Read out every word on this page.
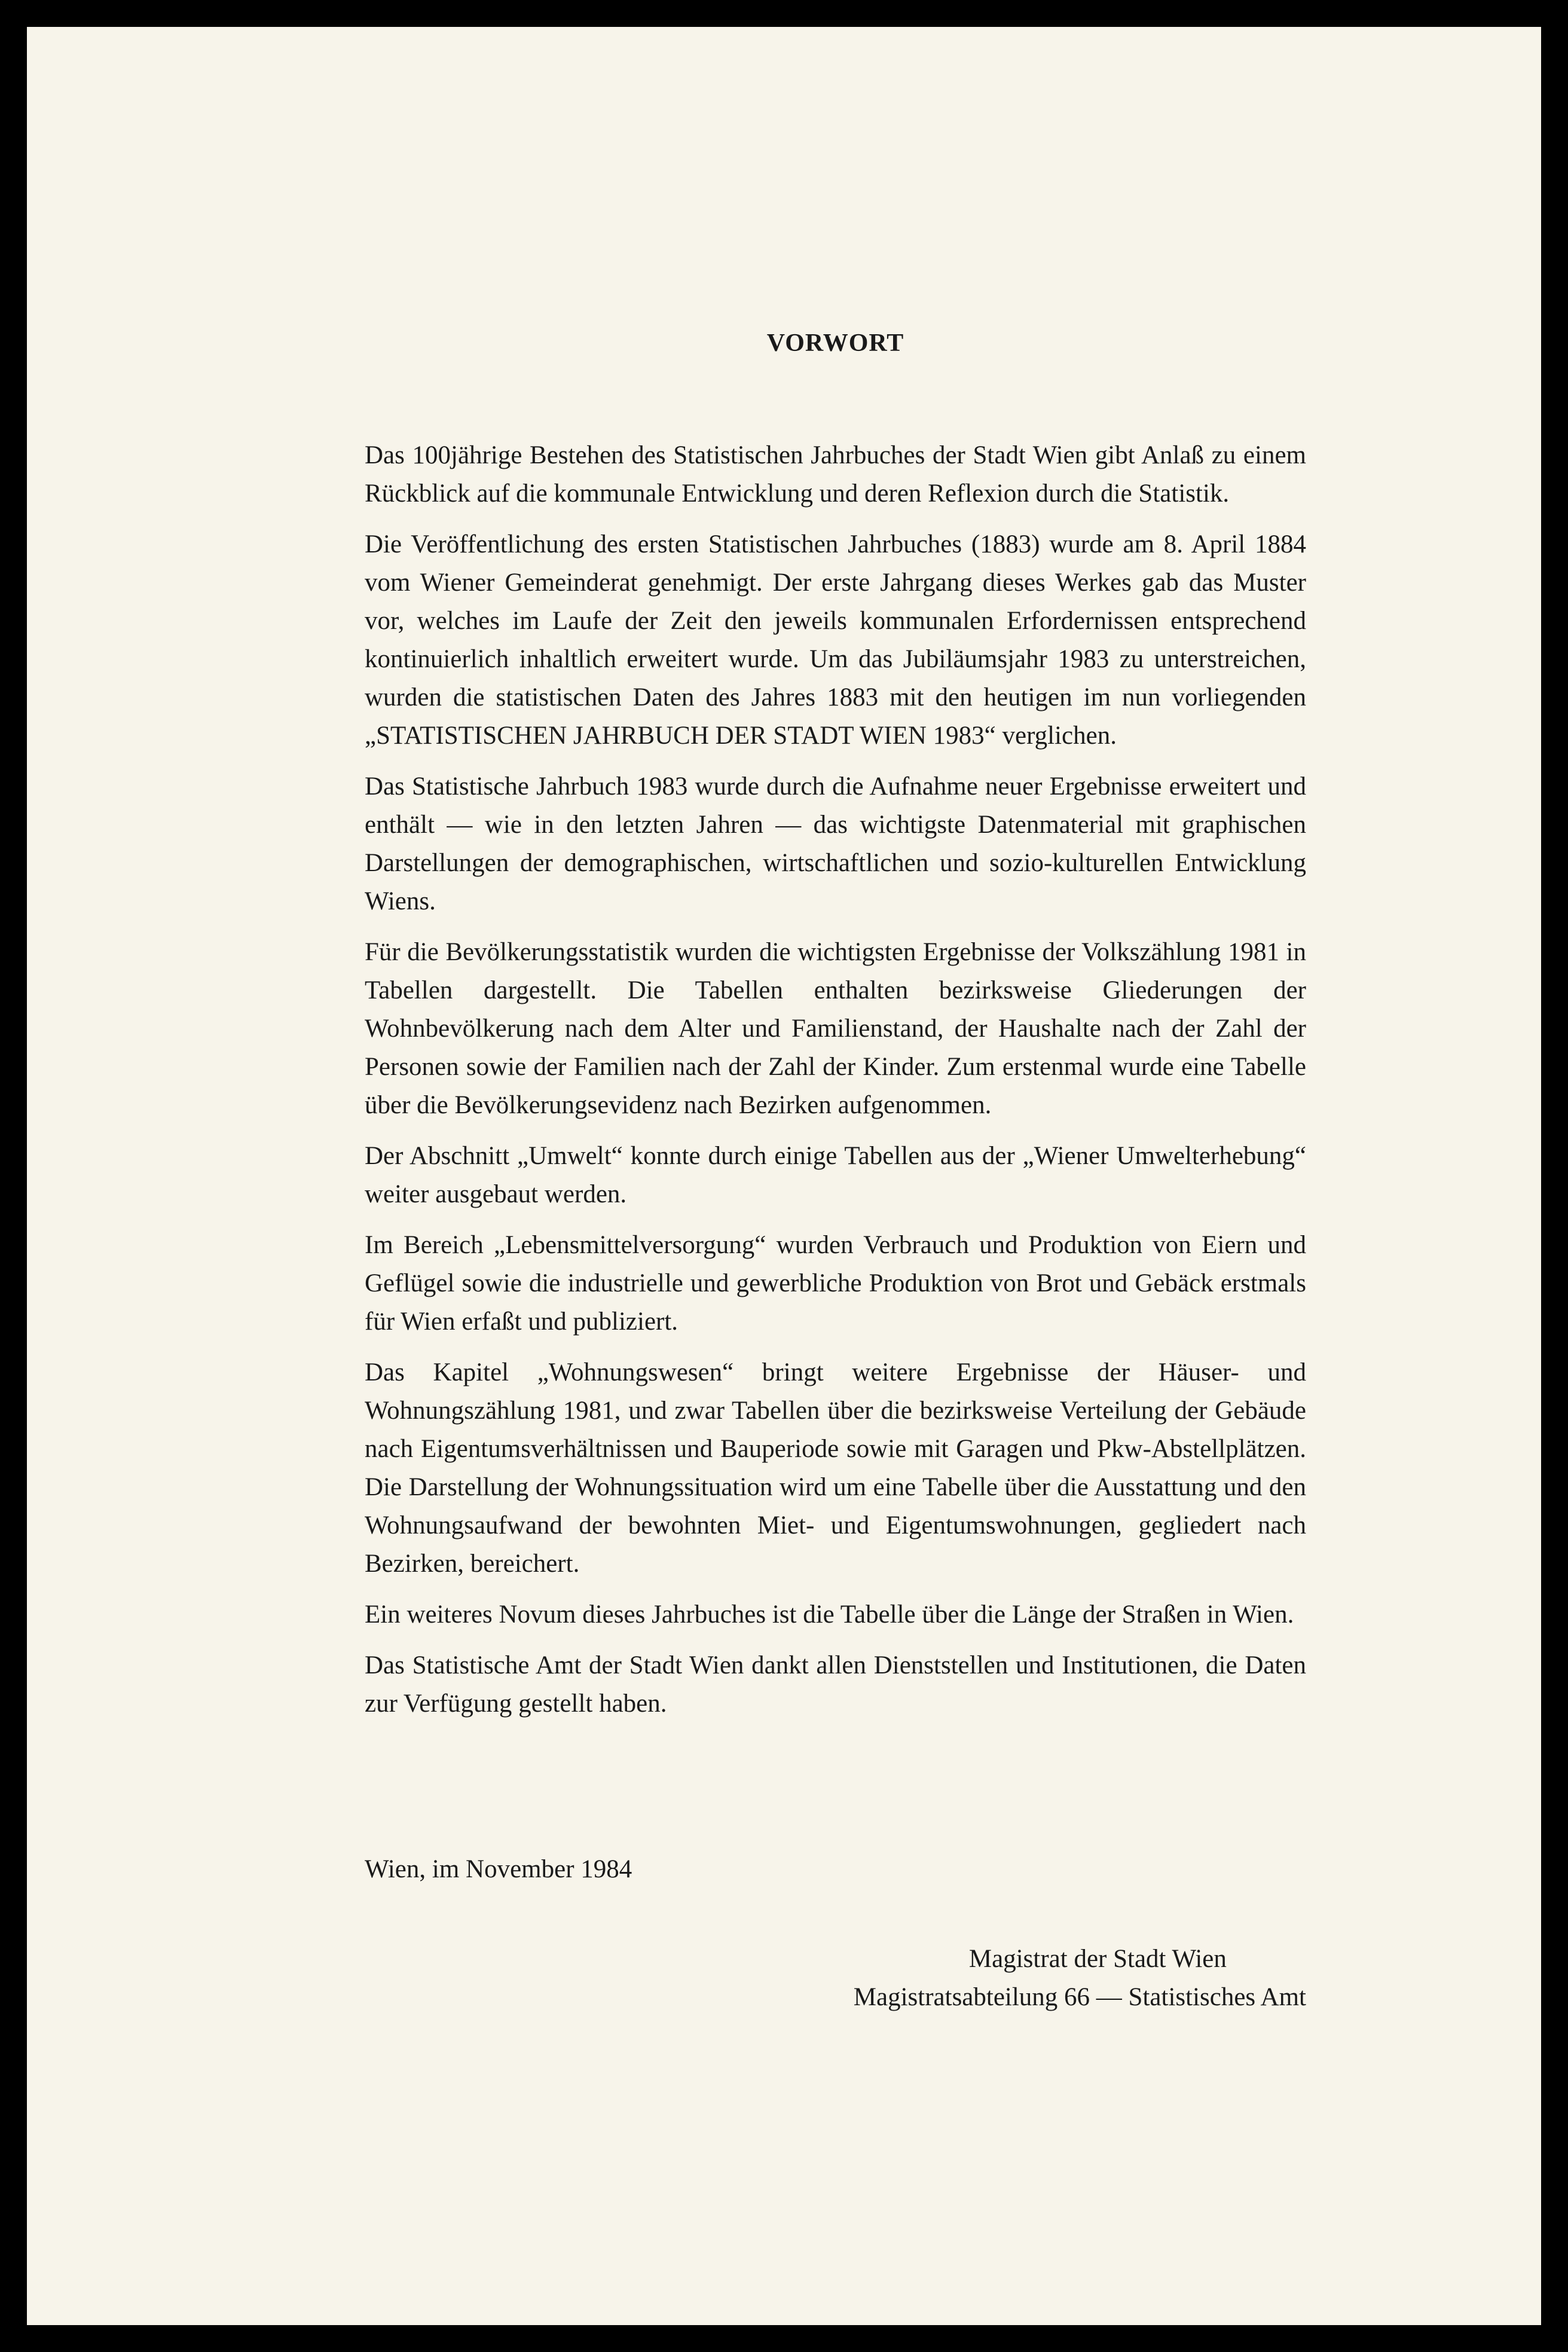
VORWORT

Das 100jährige Bestehen des Statistischen Jahrbuches der Stadt Wien gibt Anlaß zu einem Rückblick auf die kommunale Entwicklung und deren Reflexion durch die Statistik.

Die Veröffentlichung des ersten Statistischen Jahrbuches (1883) wurde am 8. April 1884 vom Wiener Gemeinderat genehmigt. Der erste Jahrgang dieses Werkes gab das Muster vor, welches im Laufe der Zeit den jeweils kommunalen Erfordernissen entsprechend kontinuierlich inhaltlich erweitert wurde. Um das Jubiläumsjahr 1983 zu unterstreichen, wurden die statistischen Daten des Jahres 1883 mit den heutigen im nun vorliegenden „STATISTISCHEN JAHRBUCH DER STADT WIEN 1983“ verglichen.

Das Statistische Jahrbuch 1983 wurde durch die Aufnahme neuer Ergebnisse erweitert und enthält — wie in den letzten Jahren — das wichtigste Datenmaterial mit graphischen Darstellungen der demographischen, wirtschaftlichen und sozio-kulturellen Entwicklung Wiens.

Für die Bevölkerungsstatistik wurden die wichtigsten Ergebnisse der Volkszählung 1981 in Tabellen dargestellt. Die Tabellen enthalten bezirksweise Gliederungen der Wohnbevölkerung nach dem Alter und Familienstand, der Haushalte nach der Zahl der Personen sowie der Familien nach der Zahl der Kinder. Zum erstenmal wurde eine Tabelle über die Bevölkerungsevidenz nach Bezirken aufgenommen.

Der Abschnitt „Umwelt“ konnte durch einige Tabellen aus der „Wiener Umwelterhebung“ weiter ausgebaut werden.

Im Bereich „Lebensmittelversorgung“ wurden Verbrauch und Produktion von Eiern und Geflügel sowie die industrielle und gewerbliche Produktion von Brot und Gebäck erstmals für Wien erfaßt und publiziert.

Das Kapitel „Wohnungswesen“ bringt weitere Ergebnisse der Häuser- und Wohnungszählung 1981, und zwar Tabellen über die bezirksweise Verteilung der Gebäude nach Eigentumsverhältnissen und Bauperiode sowie mit Garagen und Pkw-Abstellplätzen. Die Darstellung der Wohnungssituation wird um eine Tabelle über die Ausstattung und den Wohnungsaufwand der bewohnten Miet- und Eigentumswohnungen, gegliedert nach Bezirken, bereichert.

Ein weiteres Novum dieses Jahrbuches ist die Tabelle über die Länge der Straßen in Wien.

Das Statistische Amt der Stadt Wien dankt allen Dienststellen und Institutionen, die Daten zur Verfügung gestellt haben.

Wien, im November 1984
Magistrat der Stadt Wien
Magistratsabteilung 66 — Statistisches Amt
